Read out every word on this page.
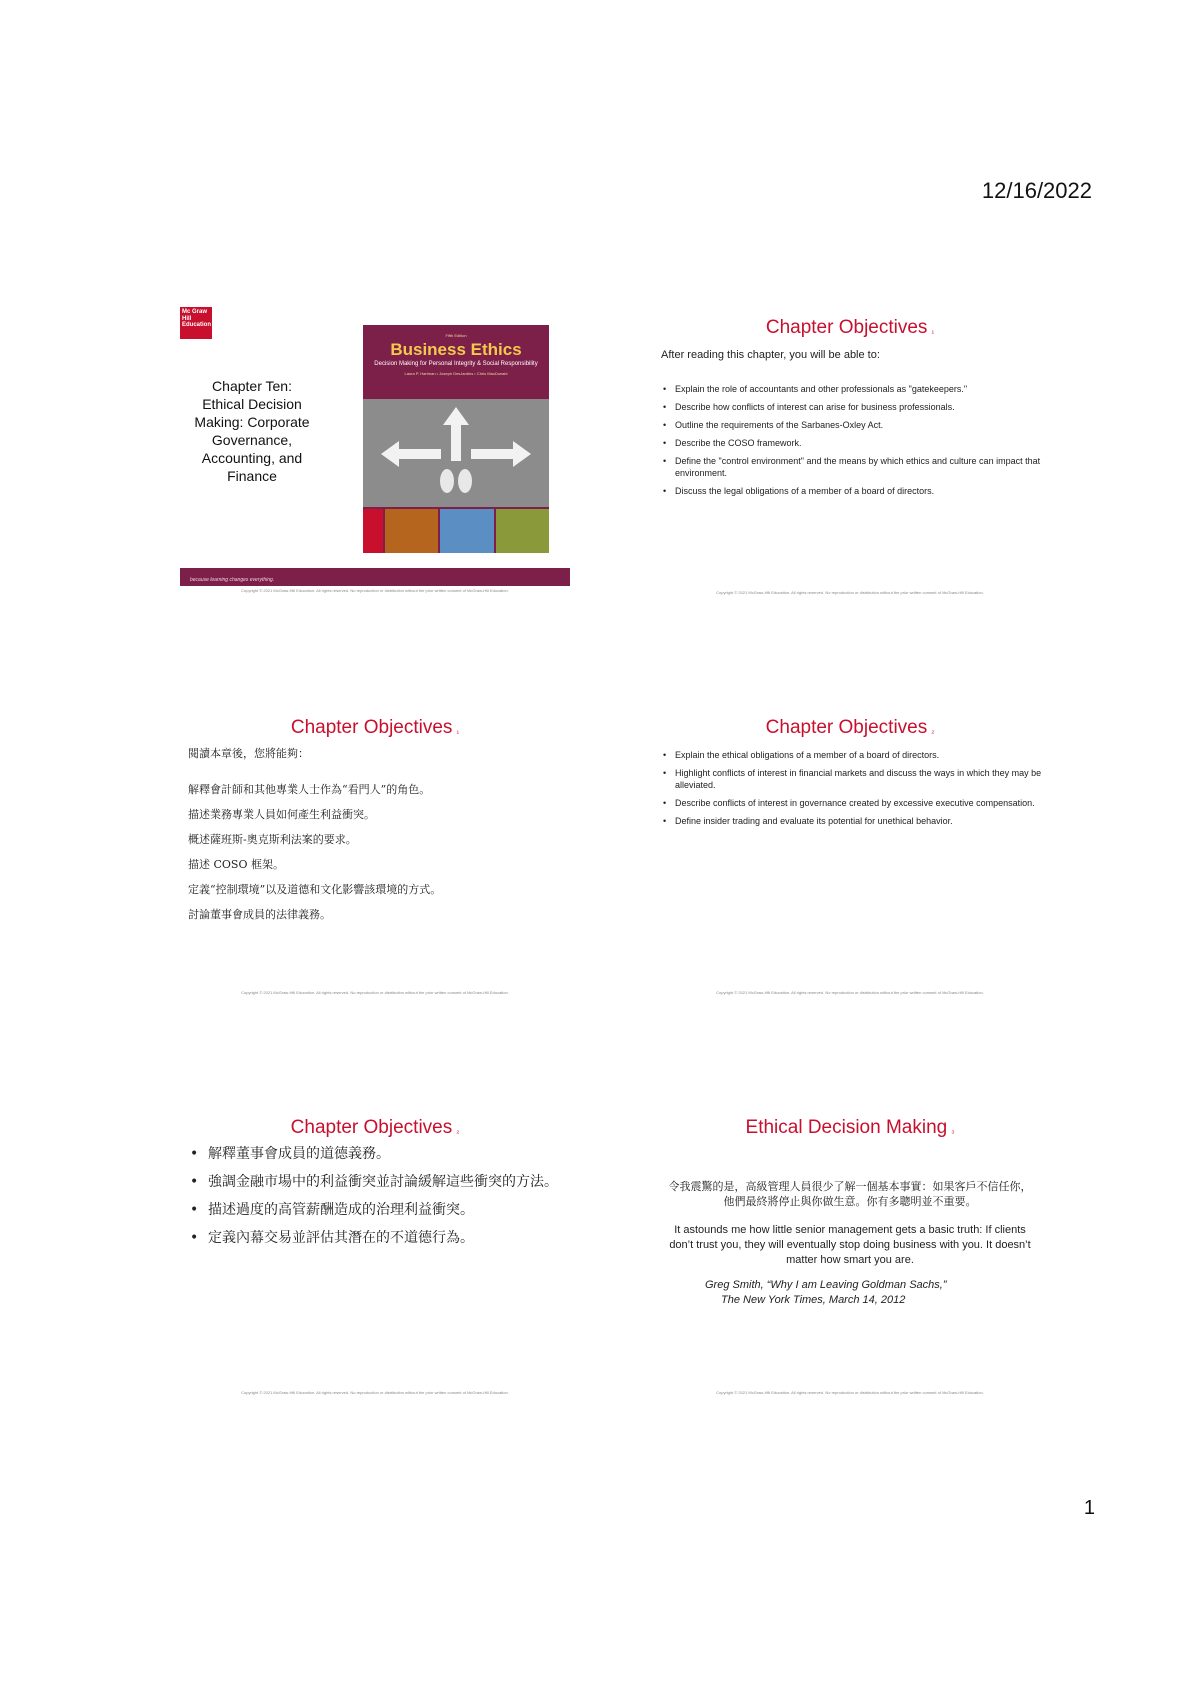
12/16/2022
Mc Graw Hill Education
Chapter Ten: Ethical Decision Making: Corporate Governance, Accounting, and Finance
Fifth Edition
Business Ethics
Decision Making for Personal Integrity & Social Responsibility
Laura P. Hartman • Joseph DesJardins • Chris MacDonald
because learning changes everything.
Copyright © 2021 McGraw-Hill Education. All rights reserved. No reproduction or distribution without the prior written consent of McGraw-Hill Education.
Chapter Objectives ₁
After reading this chapter, you will be able to:
• Explain the role of accountants and other professionals as "gatekeepers."
• Describe how conflicts of interest can arise for business professionals.
• Outline the requirements of the Sarbanes-Oxley Act.
• Describe the COSO framework.
• Define the "control environment" and the means by which ethics and culture can impact that environment.
• Discuss the legal obligations of a member of a board of directors.
Copyright © 2021 McGraw-Hill Education. All rights reserved. No reproduction or distribution without the prior written consent of McGraw-Hill Education.
Chapter Objectives ₁
閱讀本章後，您將能夠：
解釋會計師和其他專業人士作為“看門人”的角色。
描述業務專業人員如何產生利益衝突。
概述薩班斯-奧克斯利法案的要求。
描述 COSO 框架。
定義“控制環境”以及道德和文化影響該環境的方式。
討論董事會成員的法律義務。
Copyright © 2021 McGraw-Hill Education. All rights reserved. No reproduction or distribution without the prior written consent of McGraw-Hill Education.
Chapter Objectives ₂
• Explain the ethical obligations of a member of a board of directors.
• Highlight conflicts of interest in financial markets and discuss the ways in which they may be alleviated.
• Describe conflicts of interest in governance created by excessive executive compensation.
• Define insider trading and evaluate its potential for unethical behavior.
Copyright © 2021 McGraw-Hill Education. All rights reserved. No reproduction or distribution without the prior written consent of McGraw-Hill Education.
Chapter Objectives ₂
• 解釋董事會成員的道德義務。
• 強調金融市場中的利益衝突並討論緩解這些衝突的方法。
• 描述過度的高管薪酬造成的治理利益衝突。
• 定義內幕交易並評估其潛在的不道德行為。
Copyright © 2021 McGraw-Hill Education. All rights reserved. No reproduction or distribution without the prior written consent of McGraw-Hill Education.
Ethical Decision Making ₃
令我震驚的是，高級管理人員很少了解一個基本事實：如果客戶不信任你，他們最終將停止與你做生意。你有多聰明並不重要。
It astounds me how little senior management gets a basic truth: If clients don’t trust you, they will eventually stop doing business with you. It doesn’t matter how smart you are.
Greg Smith, “Why I am Leaving Goldman Sachs,”
The New York Times, March 14, 2012
Copyright © 2021 McGraw-Hill Education. All rights reserved. No reproduction or distribution without the prior written consent of McGraw-Hill Education.
1
